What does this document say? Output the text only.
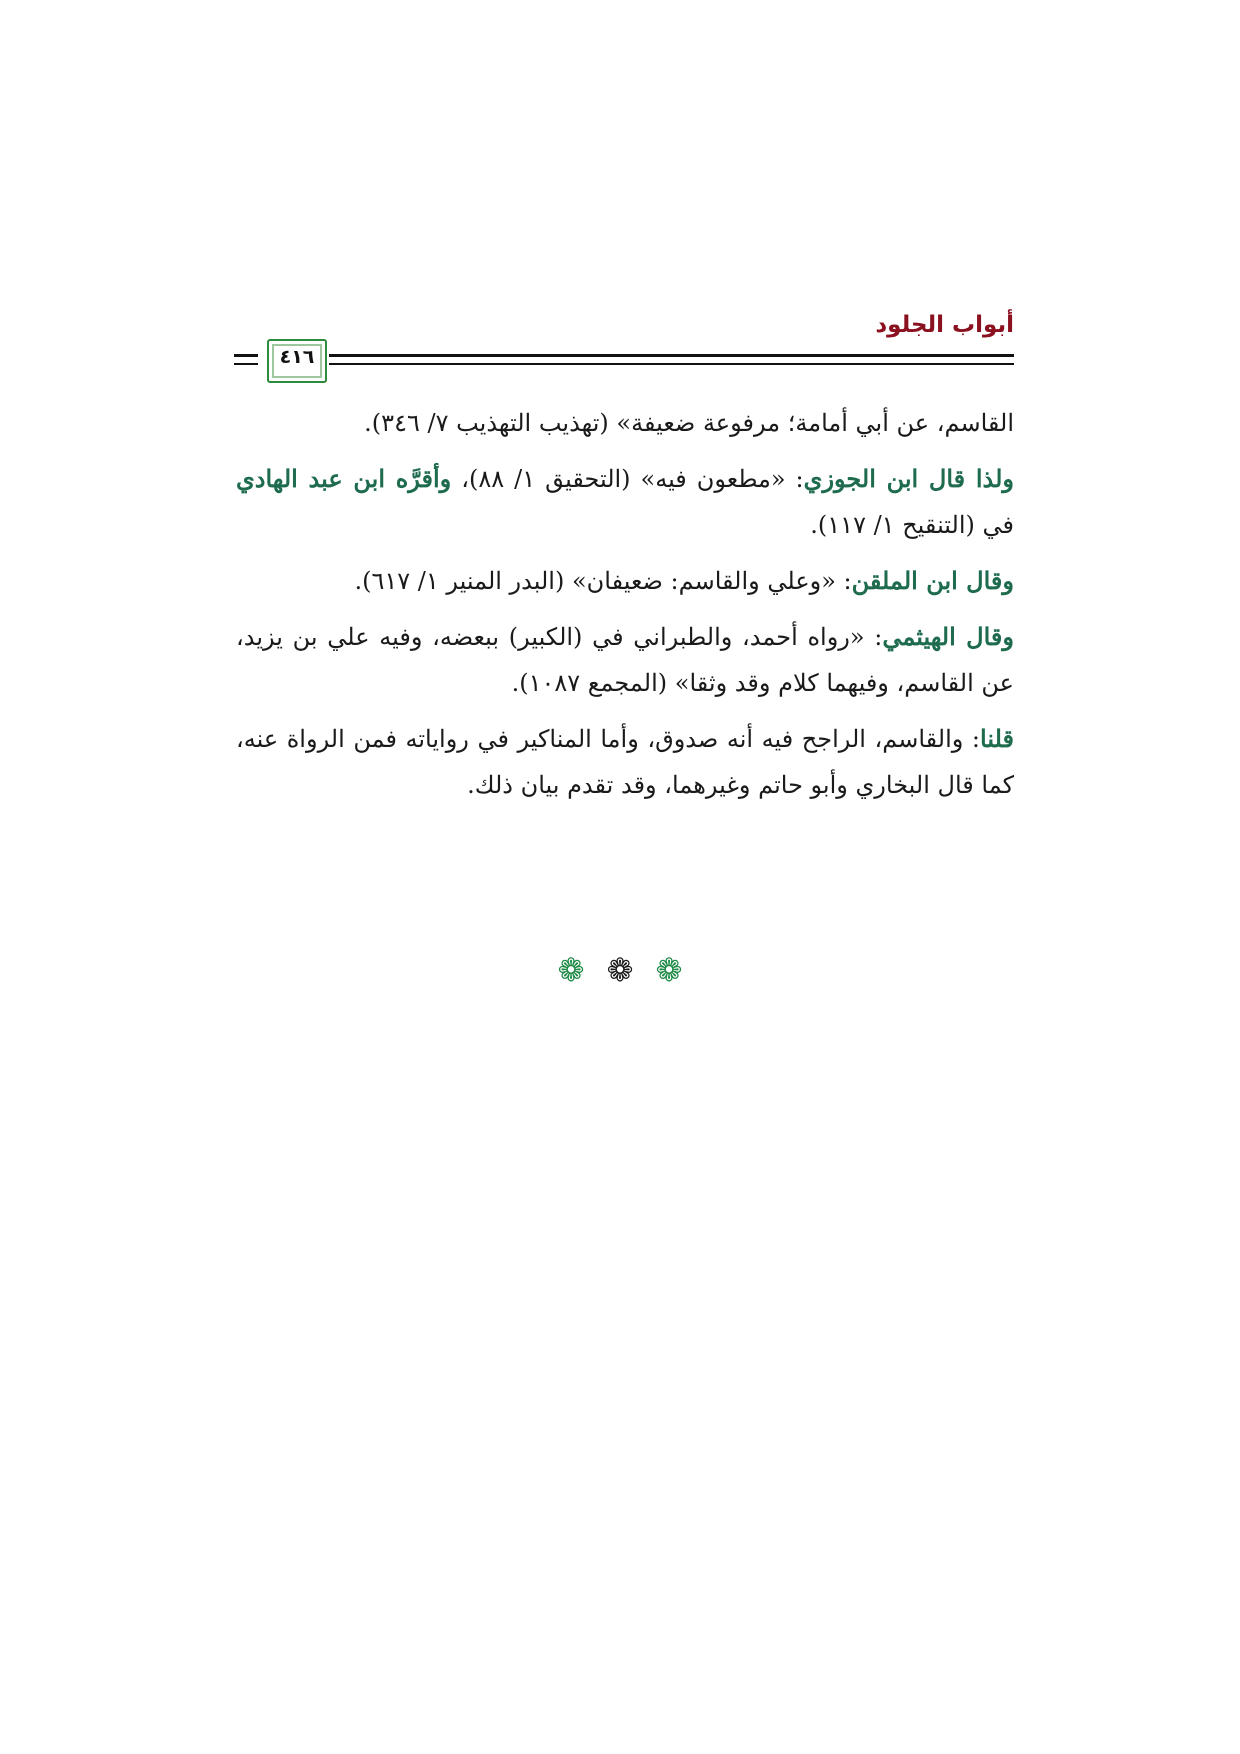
أبواب الجلود
٤١٦

القاسم، عن أبي أمامة؛ مرفوعة ضعيفة» (تهذيب التهذيب ٧/ ٣٤٦).

ولذا قال ابن الجوزي: «مطعون فيه» (التحقيق ١/ ٨٨)، وأقرَّه ابن عبد الهادي في (التنقيح ١/ ١١٧).

وقال ابن الملقن: «وعلي والقاسم: ضعيفان» (البدر المنير ١/ ٦١٧).

وقال الهيثمي: «رواه أحمد، والطبراني في (الكبير) ببعضه، وفيه علي بن يزيد، عن القاسم، وفيهما كلام وقد وثقا» (المجمع ١٠٨٧).

قلنا: والقاسم، الراجح فيه أنه صدوق، وأما المناكير في رواياته فمن الرواة عنه، كما قال البخاري وأبو حاتم وغيرهما، وقد تقدم بيان ذلك.

❁ ❁ ❁
